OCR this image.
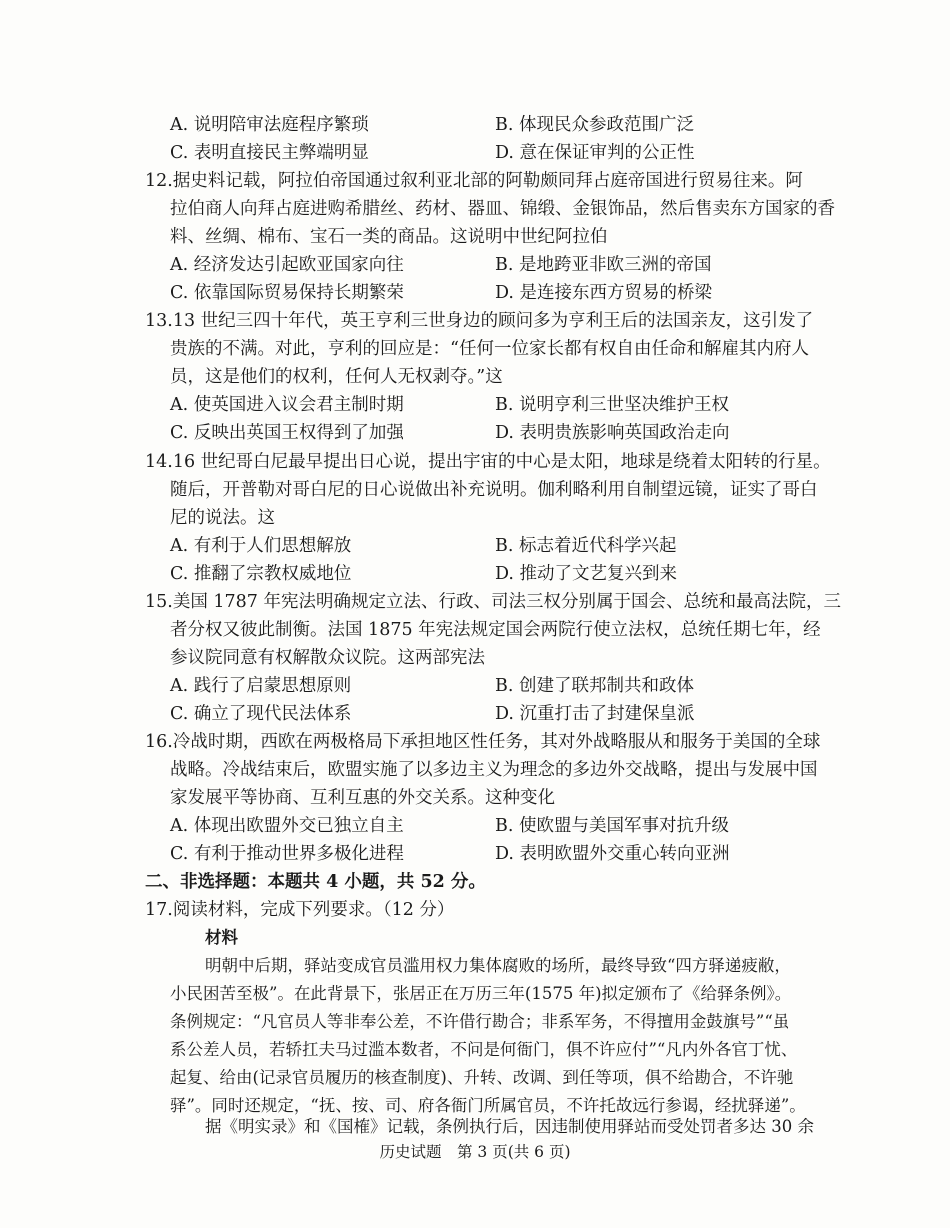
A. 说明陪审法庭程序繁琐	B. 体现民众参政范围广泛
C. 表明直接民主弊端明显	D. 意在保证审判的公正性
12.据史料记载，阿拉伯帝国通过叙利亚北部的阿勒颇同拜占庭帝国进行贸易往来。阿
拉伯商人向拜占庭进购希腊丝、药材、器皿、锦缎、金银饰品，然后售卖东方国家的香
料、丝绸、棉布、宝石一类的商品。这说明中世纪阿拉伯
A. 经济发达引起欧亚国家向往	B. 是地跨亚非欧三洲的帝国
C. 依靠国际贸易保持长期繁荣	D. 是连接东西方贸易的桥梁
13.13 世纪三四十年代，英王亨利三世身边的顾问多为亨利王后的法国亲友，这引发了
贵族的不满。对此，亨利的回应是：“任何一位家长都有权自由任命和解雇其内府人
员，这是他们的权利，任何人无权剥夺。”这
A. 使英国进入议会君主制时期	B. 说明亨利三世坚决维护王权
C. 反映出英国王权得到了加强	D. 表明贵族影响英国政治走向
14.16 世纪哥白尼最早提出日心说，提出宇宙的中心是太阳，地球是绕着太阳转的行星。
随后，开普勒对哥白尼的日心说做出补充说明。伽利略利用自制望远镜，证实了哥白
尼的说法。这
A. 有利于人们思想解放	B. 标志着近代科学兴起
C. 推翻了宗教权威地位	D. 推动了文艺复兴到来
15.美国 1787 年宪法明确规定立法、行政、司法三权分别属于国会、总统和最高法院，三
者分权又彼此制衡。法国 1875 年宪法规定国会两院行使立法权，总统任期七年，经
参议院同意有权解散众议院。这两部宪法
A. 践行了启蒙思想原则	B. 创建了联邦制共和政体
C. 确立了现代民法体系	D. 沉重打击了封建保皇派
16.冷战时期，西欧在两极格局下承担地区性任务，其对外战略服从和服务于美国的全球
战略。冷战结束后，欧盟实施了以多边主义为理念的多边外交战略，提出与发展中国
家发展平等协商、互利互惠的外交关系。这种变化
A. 体现出欧盟外交已独立自主	B. 使欧盟与美国军事对抗升级
C. 有利于推动世界多极化进程	D. 表明欧盟外交重心转向亚洲
二、非选择题：本题共 4 小题，共 52 分。
17.阅读材料，完成下列要求。（12 分）
材料
明朝中后期，驿站变成官员滥用权力集体腐败的场所，最终导致“四方驿递疲敝，
小民困苦至极”。在此背景下，张居正在万历三年(1575 年)拟定颁布了《给驿条例》。
条例规定：“凡官员人等非奉公差，不许借行勘合；非系军务，不得擅用金鼓旗号”“虽
系公差人员，若轿扛夫马过滥本数者，不问是何衙门，俱不许应付”“凡内外各官丁忧、
起复、给由(记录官员履历的核查制度)、升转、改调、到任等项，俱不给勘合，不许驰
驿”。同时还规定，“抚、按、司、府各衙门所属官员，不许托故远行参谒，经扰驿递”。
据《明实录》和《国榷》记载，条例执行后，因违制使用驿站而受处罚者多达 30 余
历史试题　第 3 页(共 6 页)
